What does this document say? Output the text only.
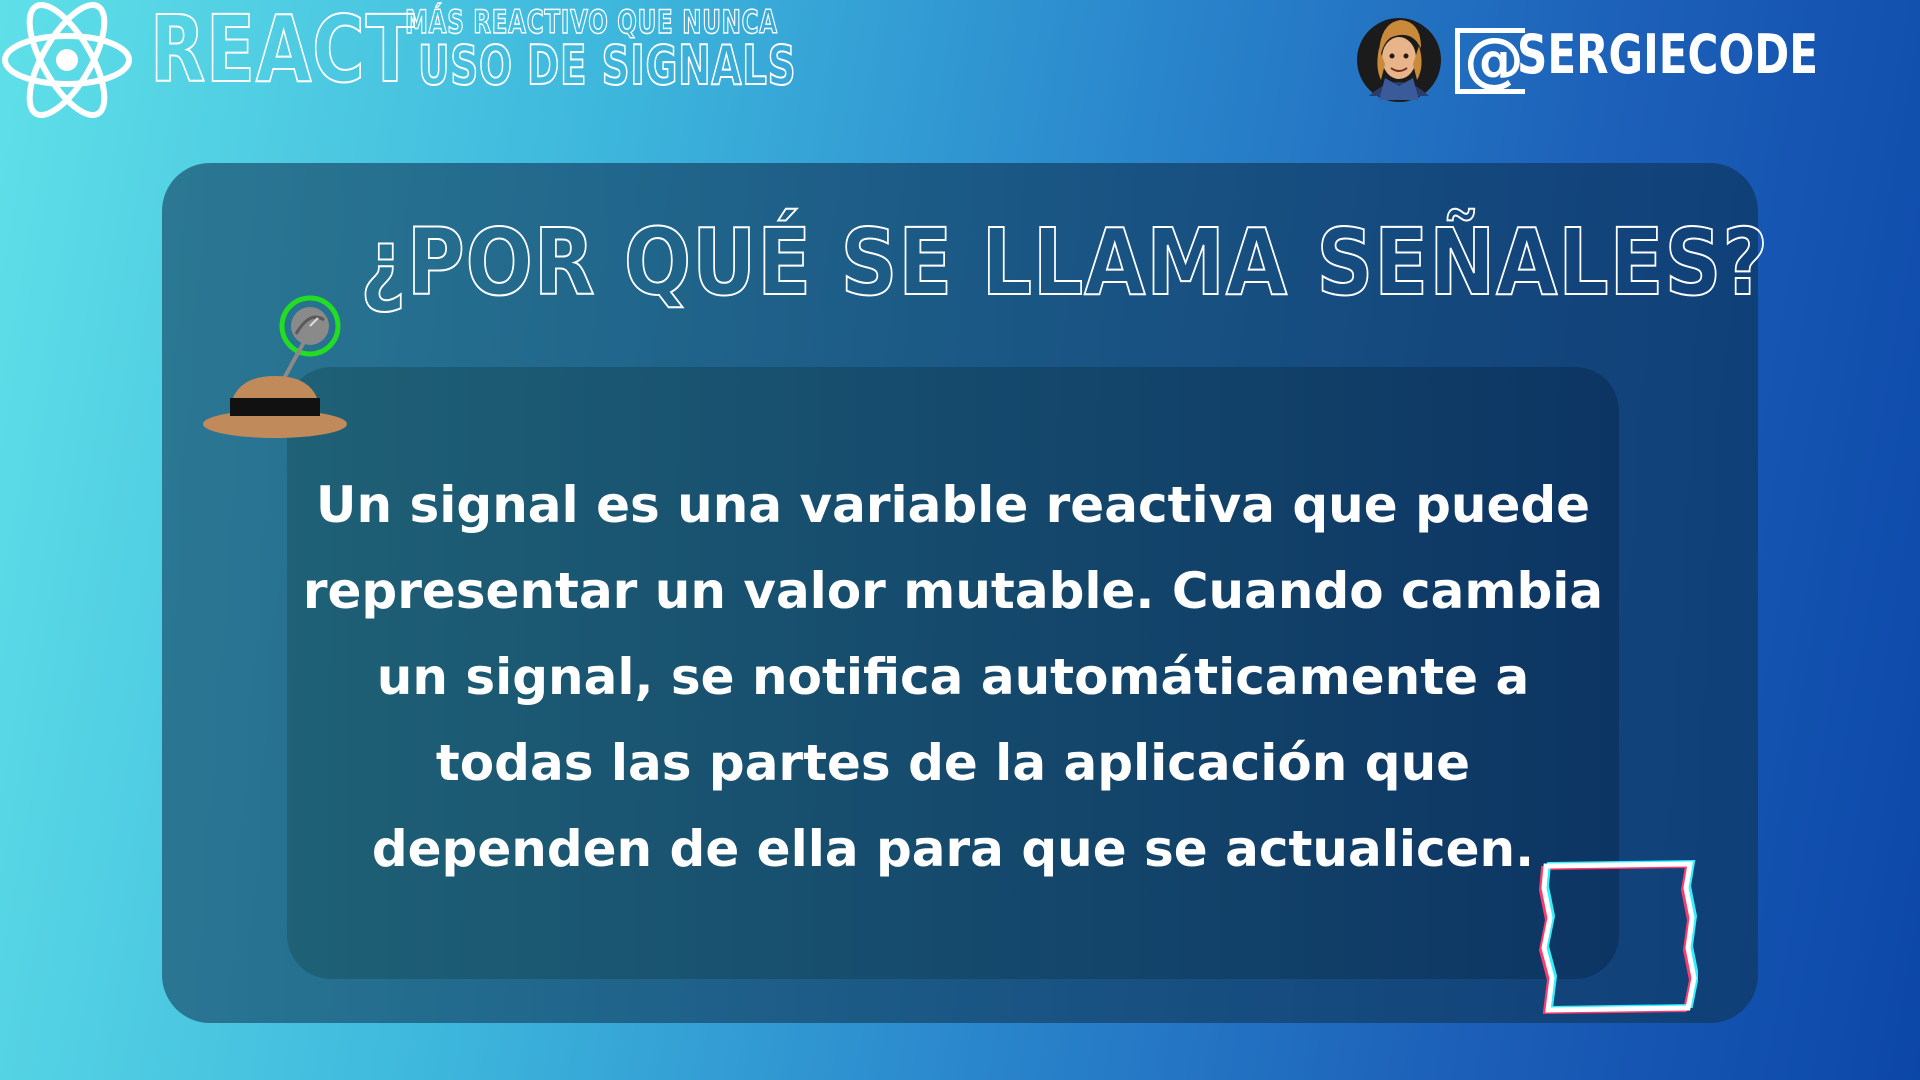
REACT
MÁS REACTIVO QUE NUNCA
USO DE SIGNALS	@
SERGIECODE
¿POR QUÉ SE LLAMA SEÑALES?
Un signal es una variable reactiva que puede
representar un valor mutable. Cuando cambia
un signal, se notifica automáticamente a
todas las partes de la aplicación que
dependen de ella para que se actualicen.
